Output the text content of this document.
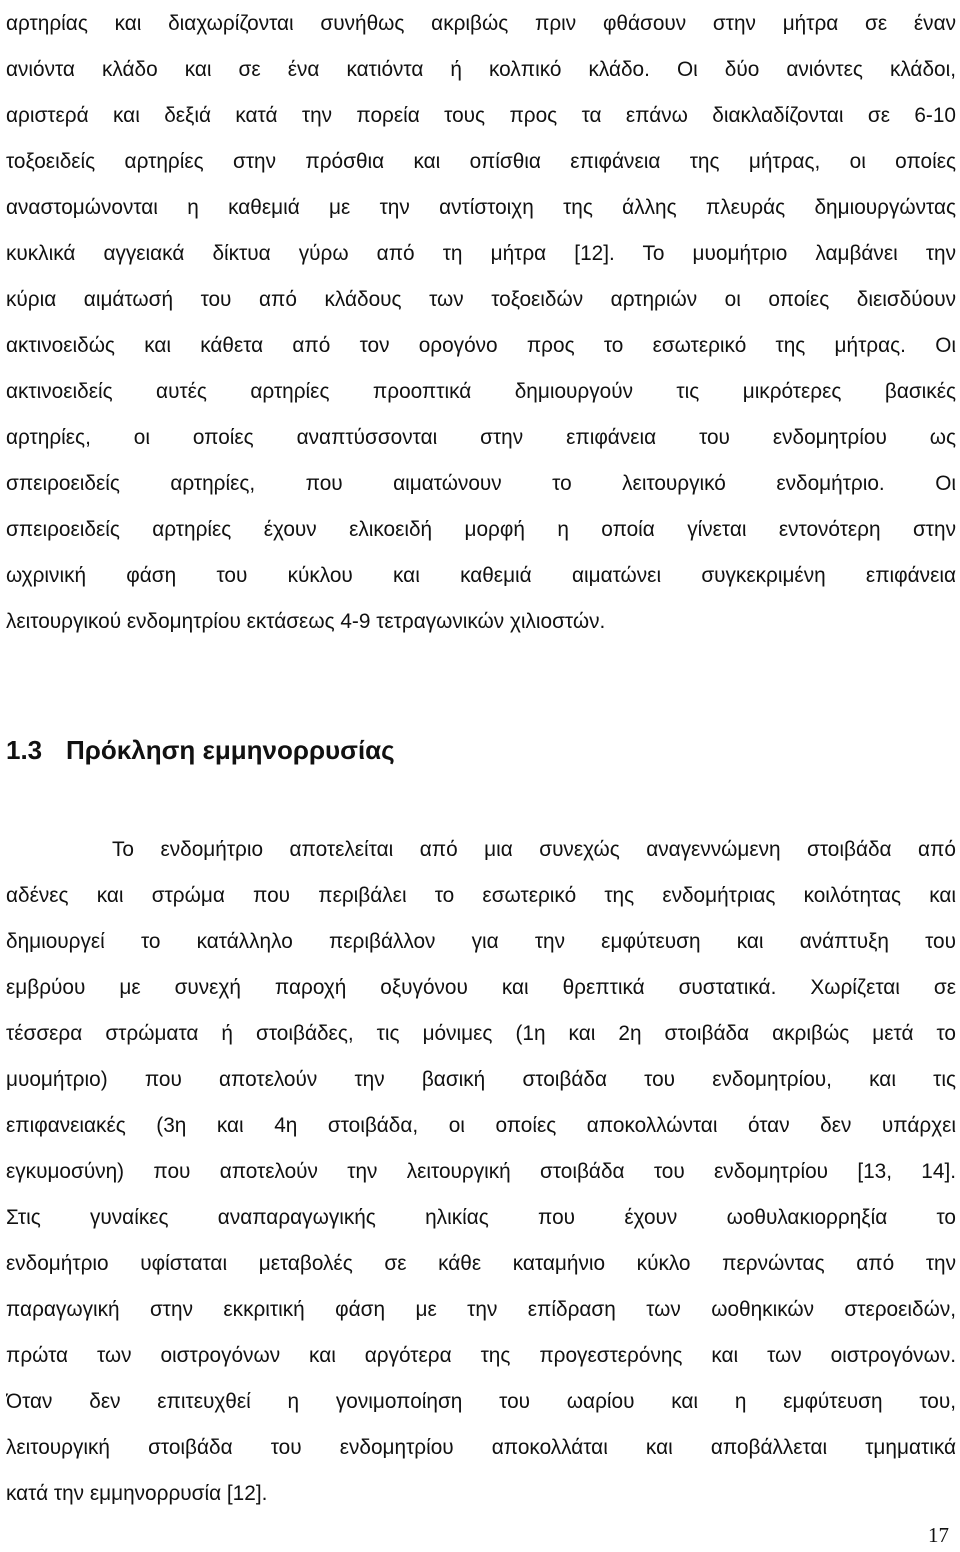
αρτηρίας και διαχωρίζονται συνήθως ακριβώς πριν φθάσουν στην μήτρα σε έναν
ανιόντα κλάδο και σε ένα κατιόντα ή κολπικό κλάδο. Οι δύο ανιόντες κλάδοι,
αριστερά και δεξιά κατά την πορεία τους προς τα επάνω διακλαδίζονται σε 6-10
τοξοειδείς αρτηρίες στην πρόσθια και οπίσθια επιφάνεια της μήτρας, οι οποίες
αναστομώνονται η καθεμιά με την αντίστοιχη της άλλης πλευράς δημιουργώντας
κυκλικά αγγειακά δίκτυα γύρω από τη μήτρα [12]. Το μυομήτριο λαμβάνει την
κύρια αιμάτωσή του από κλάδους των τοξοειδών αρτηριών οι οποίες διεισδύουν
ακτινοειδώς και κάθετα από τον ορογόνο προς το εσωτερικό της μήτρας. Οι
ακτινοειδείς αυτές αρτηρίες προοπτικά δημιουργούν τις μικρότερες βασικές
αρτηρίες, οι οποίες αναπτύσσονται στην επιφάνεια του ενδομητρίου ως
σπειροειδείς αρτηρίες, που αιματώνουν το λειτουργικό ενδομήτριο. Οι
σπειροειδείς αρτηρίες έχουν ελικοειδή μορφή η οποία γίνεται εντονότερη στην
ωχρινική φάση του κύκλου και καθεμιά αιματώνει συγκεκριμένη επιφάνεια
λειτουργικού ενδομητρίου εκτάσεως 4-9 τετραγωνικών χιλιοστών.
1.3 Πρόκληση εμμηνορρυσίας
Το ενδομήτριο αποτελείται από μια συνεχώς αναγεννώμενη στοιβάδα από
αδένες και στρώμα που περιβάλει το εσωτερικό της ενδομήτριας κοιλότητας και
δημιουργεί το κατάλληλο περιβάλλον για την εμφύτευση και ανάπτυξη του
εμβρύου με συνεχή παροχή οξυγόνου και θρεπτικά συστατικά. Χωρίζεται σε
τέσσερα στρώματα ή στοιβάδες, τις μόνιμες (1η και 2η στοιβάδα ακριβώς μετά το
μυομήτριο) που αποτελούν την βασική στοιβάδα του ενδομητρίου, και τις
επιφανειακές (3η και 4η στοιβάδα, οι οποίες αποκολλώνται όταν δεν υπάρχει
εγκυμοσύνη) που αποτελούν την λειτουργική στοιβάδα του ενδομητρίου [13, 14].
Στις γυναίκες αναπαραγωγικής ηλικίας που έχουν ωοθυλακιορρηξία το
ενδομήτριο υφίσταται μεταβολές σε κάθε καταμήνιο κύκλο περνώντας από την
παραγωγική στην εκκριτική φάση με την επίδραση των ωοθηκικών στεροειδών,
πρώτα των οιστρογόνων και αργότερα της προγεστερόνης και των οιστρογόνων.
Όταν δεν επιτευχθεί η γονιμοποίηση του ωαρίου και η εμφύτευση του,
λειτουργική στοιβάδα του ενδομητρίου αποκολλάται και αποβάλλεται τμηματικά
κατά την εμμηνορρυσία [12].
17
